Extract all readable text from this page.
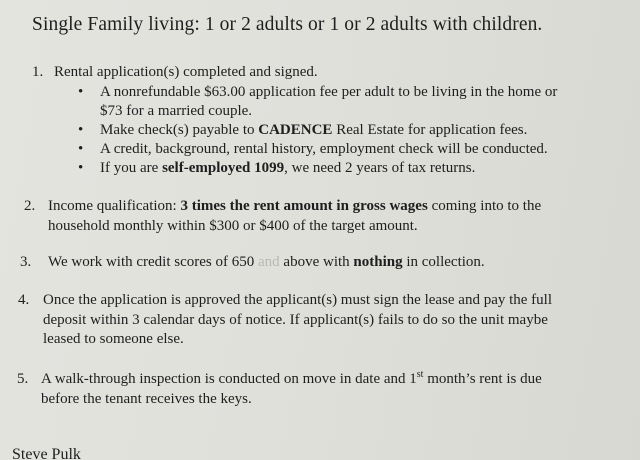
Single Family living: 1 or 2 adults or 1 or 2 adults with children.
1. Rental application(s) completed and signed.
• A nonrefundable $63.00 application fee per adult to be living in the home or
$73 for a married couple.
• Make check(s) payable to CADENCE Real Estate for application fees.
• A credit, background, rental history, employment check will be conducted.
• If you are self-employed 1099, we need 2 years of tax returns.
2. Income qualification: 3 times the rent amount in gross wages coming into to the
household monthly within $300 or $400 of the target amount.
3. We work with credit scores of 650 and above with nothing in collection.
4. Once the application is approved the applicant(s) must sign the lease and pay the full
deposit within 3 calendar days of notice. If applicant(s) fails to do so the unit maybe
leased to someone else.
5. A walk-through inspection is conducted on move in date and 1st month’s rent is due
before the tenant receives the keys.
Steve Pulk
